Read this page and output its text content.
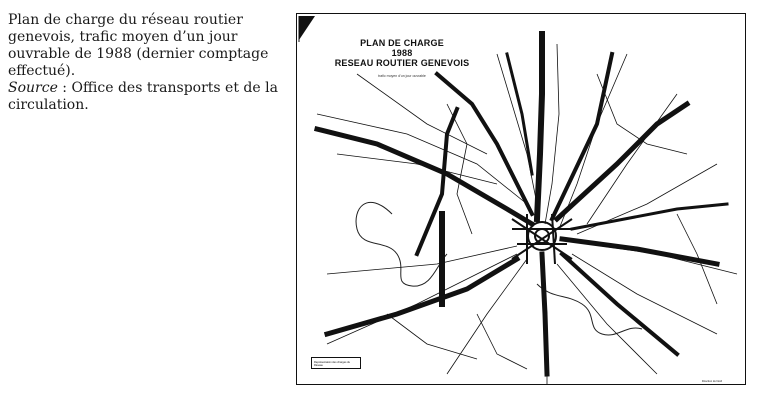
Plan de charge du réseau routier genevois, trafic moyen d’un jour ouvrable de 1988 (dernier comptage effectué).
Source : Office des transports et de la circulation.

PLAN DE CHARGE
1988
RESEAU ROUTIER GENEVOIS
trafic moyen d'un jour ouvrable
Représentation des charges du Réseau
Direction du Nord
